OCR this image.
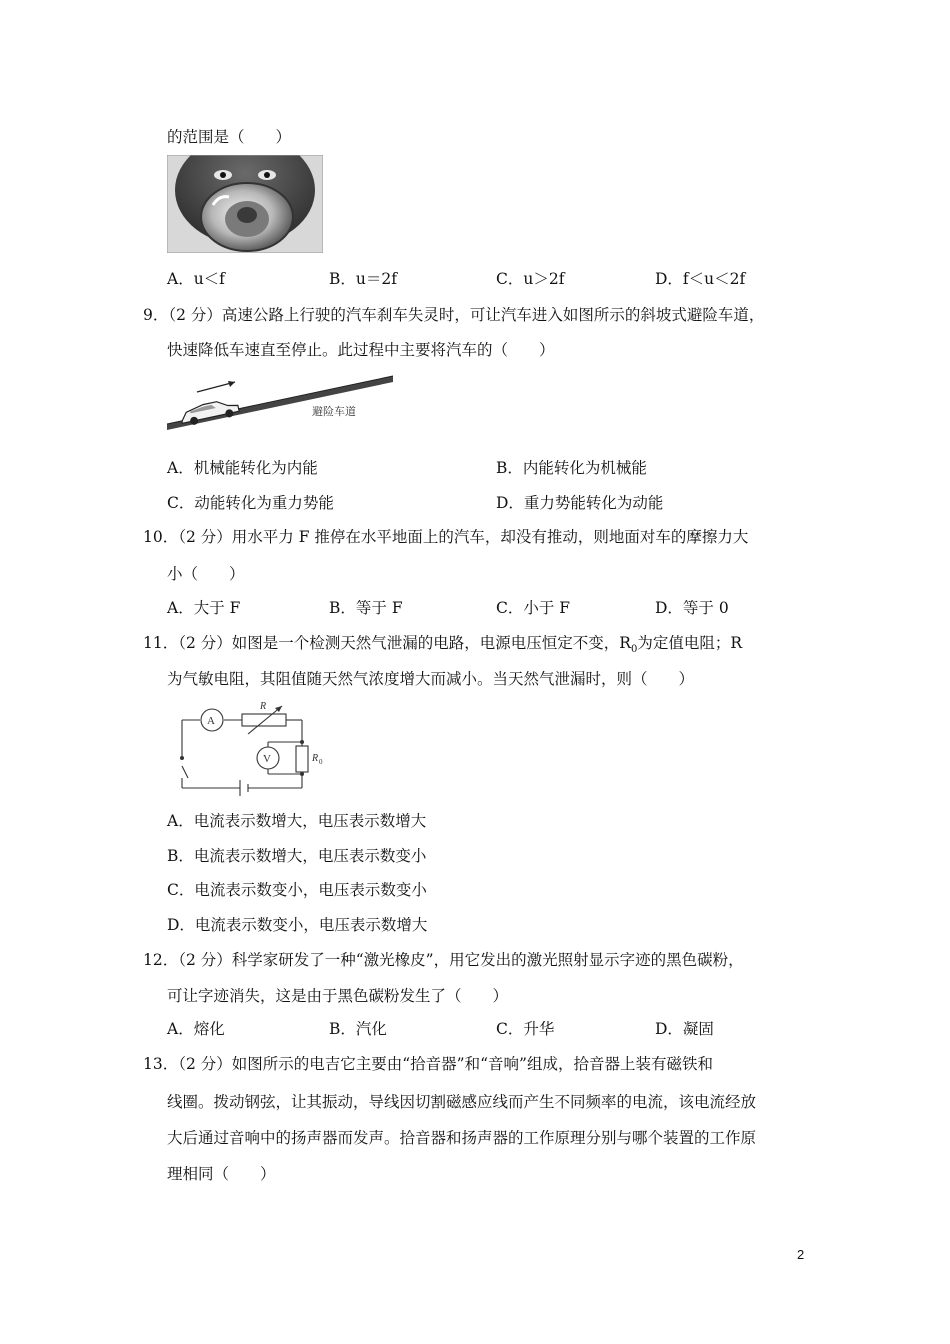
的范围是（　　）
A．u＜f	B．u＝2f	C．u＞2f	D．f＜u＜2f
9．（2 分）高速公路上行驶的汽车刹车失灵时，可让汽车进入如图所示的斜坡式避险车道，
快速降低车速直至停止。此过程中主要将汽车的（　　）
避险车道
A．机械能转化为内能	B．内能转化为机械能
C．动能转化为重力势能	D．重力势能转化为动能
10．（2 分）用水平力 F 推停在水平地面上的汽车，却没有推动，则地面对车的摩擦力大
小（　　）
A．大于 F	B．等于 F	C．小于 F	D．等于 0
11．（2 分）如图是一个检测天然气泄漏的电路，电源电压恒定不变，$R_0$为定值电阻；R
为气敏电阻，其阻值随天然气浓度增大而减小。当天然气泄漏时，则（　　）
A
V
R
R 0
A．电流表示数增大，电压表示数增大
B．电流表示数增大，电压表示数变小
C．电流表示数变小，电压表示数变小
D．电流表示数变小，电压表示数增大
12．（2 分）科学家研发了一种“激光橡皮”，用它发出的激光照射显示字迹的黑色碳粉，
可让字迹消失，这是由于黑色碳粉发生了（　　）
A．熔化	B．汽化	C．升华	D．凝固
13．（2 分）如图所示的电吉它主要由“拾音器”和“音响”组成，拾音器上装有磁铁和
线圈。拨动钢弦，让其振动，导线因切割磁感应线而产生不同频率的电流，该电流经放
大后通过音响中的扬声器而发声。拾音器和扬声器的工作原理分别与哪个装置的工作原
理相同（　　）
2
